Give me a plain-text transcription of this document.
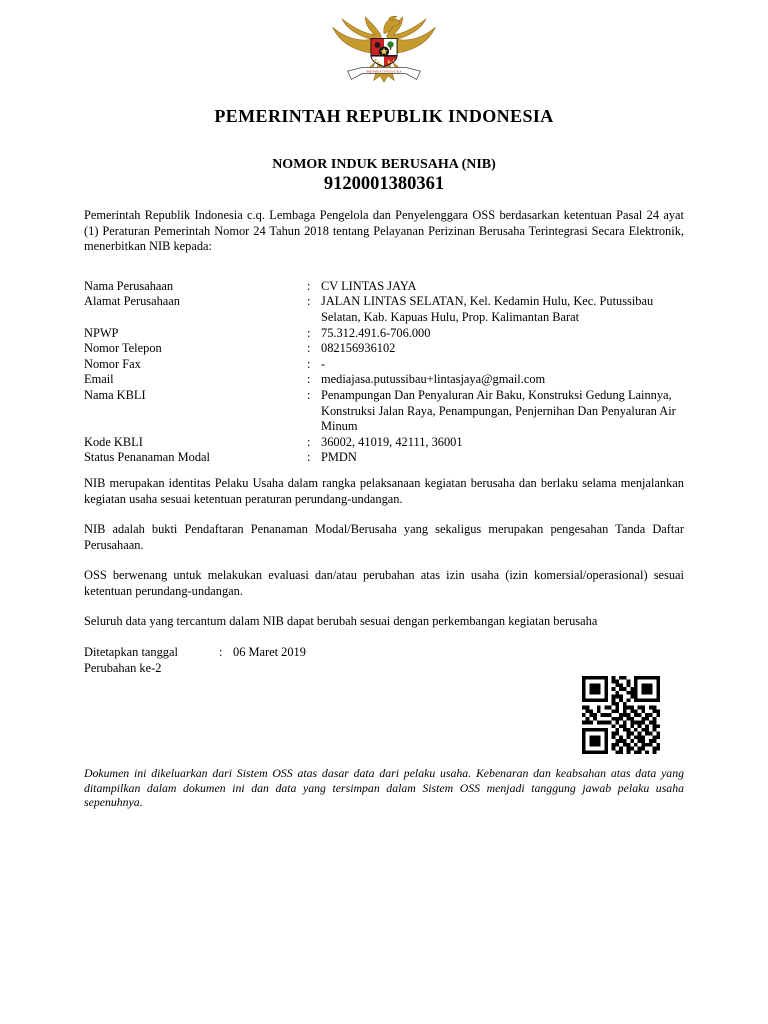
BHINNEKA TUNGGAL IKA
PEMERINTAH REPUBLIK INDONESIA
NOMOR INDUK BERUSAHA (NIB)
9120001380361

Pemerintah Republik Indonesia c.q. Lembaga Pengelola dan Penyelenggara OSS berdasarkan ketentuan Pasal 24 ayat (1) Peraturan Pemerintah Nomor 24 Tahun 2018 tentang Pelayanan Perizinan Berusaha Terintegrasi Secara Elektronik, menerbitkan NIB kepada:

Nama Perusahaan	: CV LINTAS JAYA
Alamat Perusahaan	: JALAN LINTAS SELATAN, Kel. Kedamin Hulu, Kec. Putussibau Selatan, Kab. Kapuas Hulu, Prop. Kalimantan Barat
NPWP	: 75.312.491.6-706.000
Nomor Telepon	: 082156936102
Nomor Fax	: -
Email	: mediajasa.putussibau+lintasjaya@gmail.com
Nama KBLI	: Penampungan Dan Penyaluran Air Baku, Konstruksi Gedung Lainnya, Konstruksi Jalan Raya, Penampungan, Penjernihan Dan Penyaluran Air Minum
Kode KBLI	: 36002, 41019, 42111, 36001
Status Penanaman Modal	: PMDN

NIB merupakan identitas Pelaku Usaha dalam rangka pelaksanaan kegiatan berusaha dan berlaku selama menjalankan kegiatan usaha sesuai ketentuan peraturan perundang-undangan.

NIB adalah bukti Pendaftaran Penanaman Modal/Berusaha yang sekaligus merupakan pengesahan Tanda Daftar Perusahaan.

OSS berwenang untuk melakukan evaluasi dan/atau perubahan atas izin usaha (izin komersial/operasional) sesuai ketentuan perundang-undangan.

Seluruh data yang tercantum dalam NIB dapat berubah sesuai dengan perkembangan kegiatan berusaha

Ditetapkan tanggal	: 06 Maret 2019
Perubahan ke-2

Dokumen ini dikeluarkan dari Sistem OSS atas dasar data dari pelaku usaha. Kebenaran dan keabsahan atas data yang ditampilkan dalam dokumen ini dan data yang tersimpan dalam Sistem OSS menjadi tanggung jawab pelaku usaha sepenuhnya.
